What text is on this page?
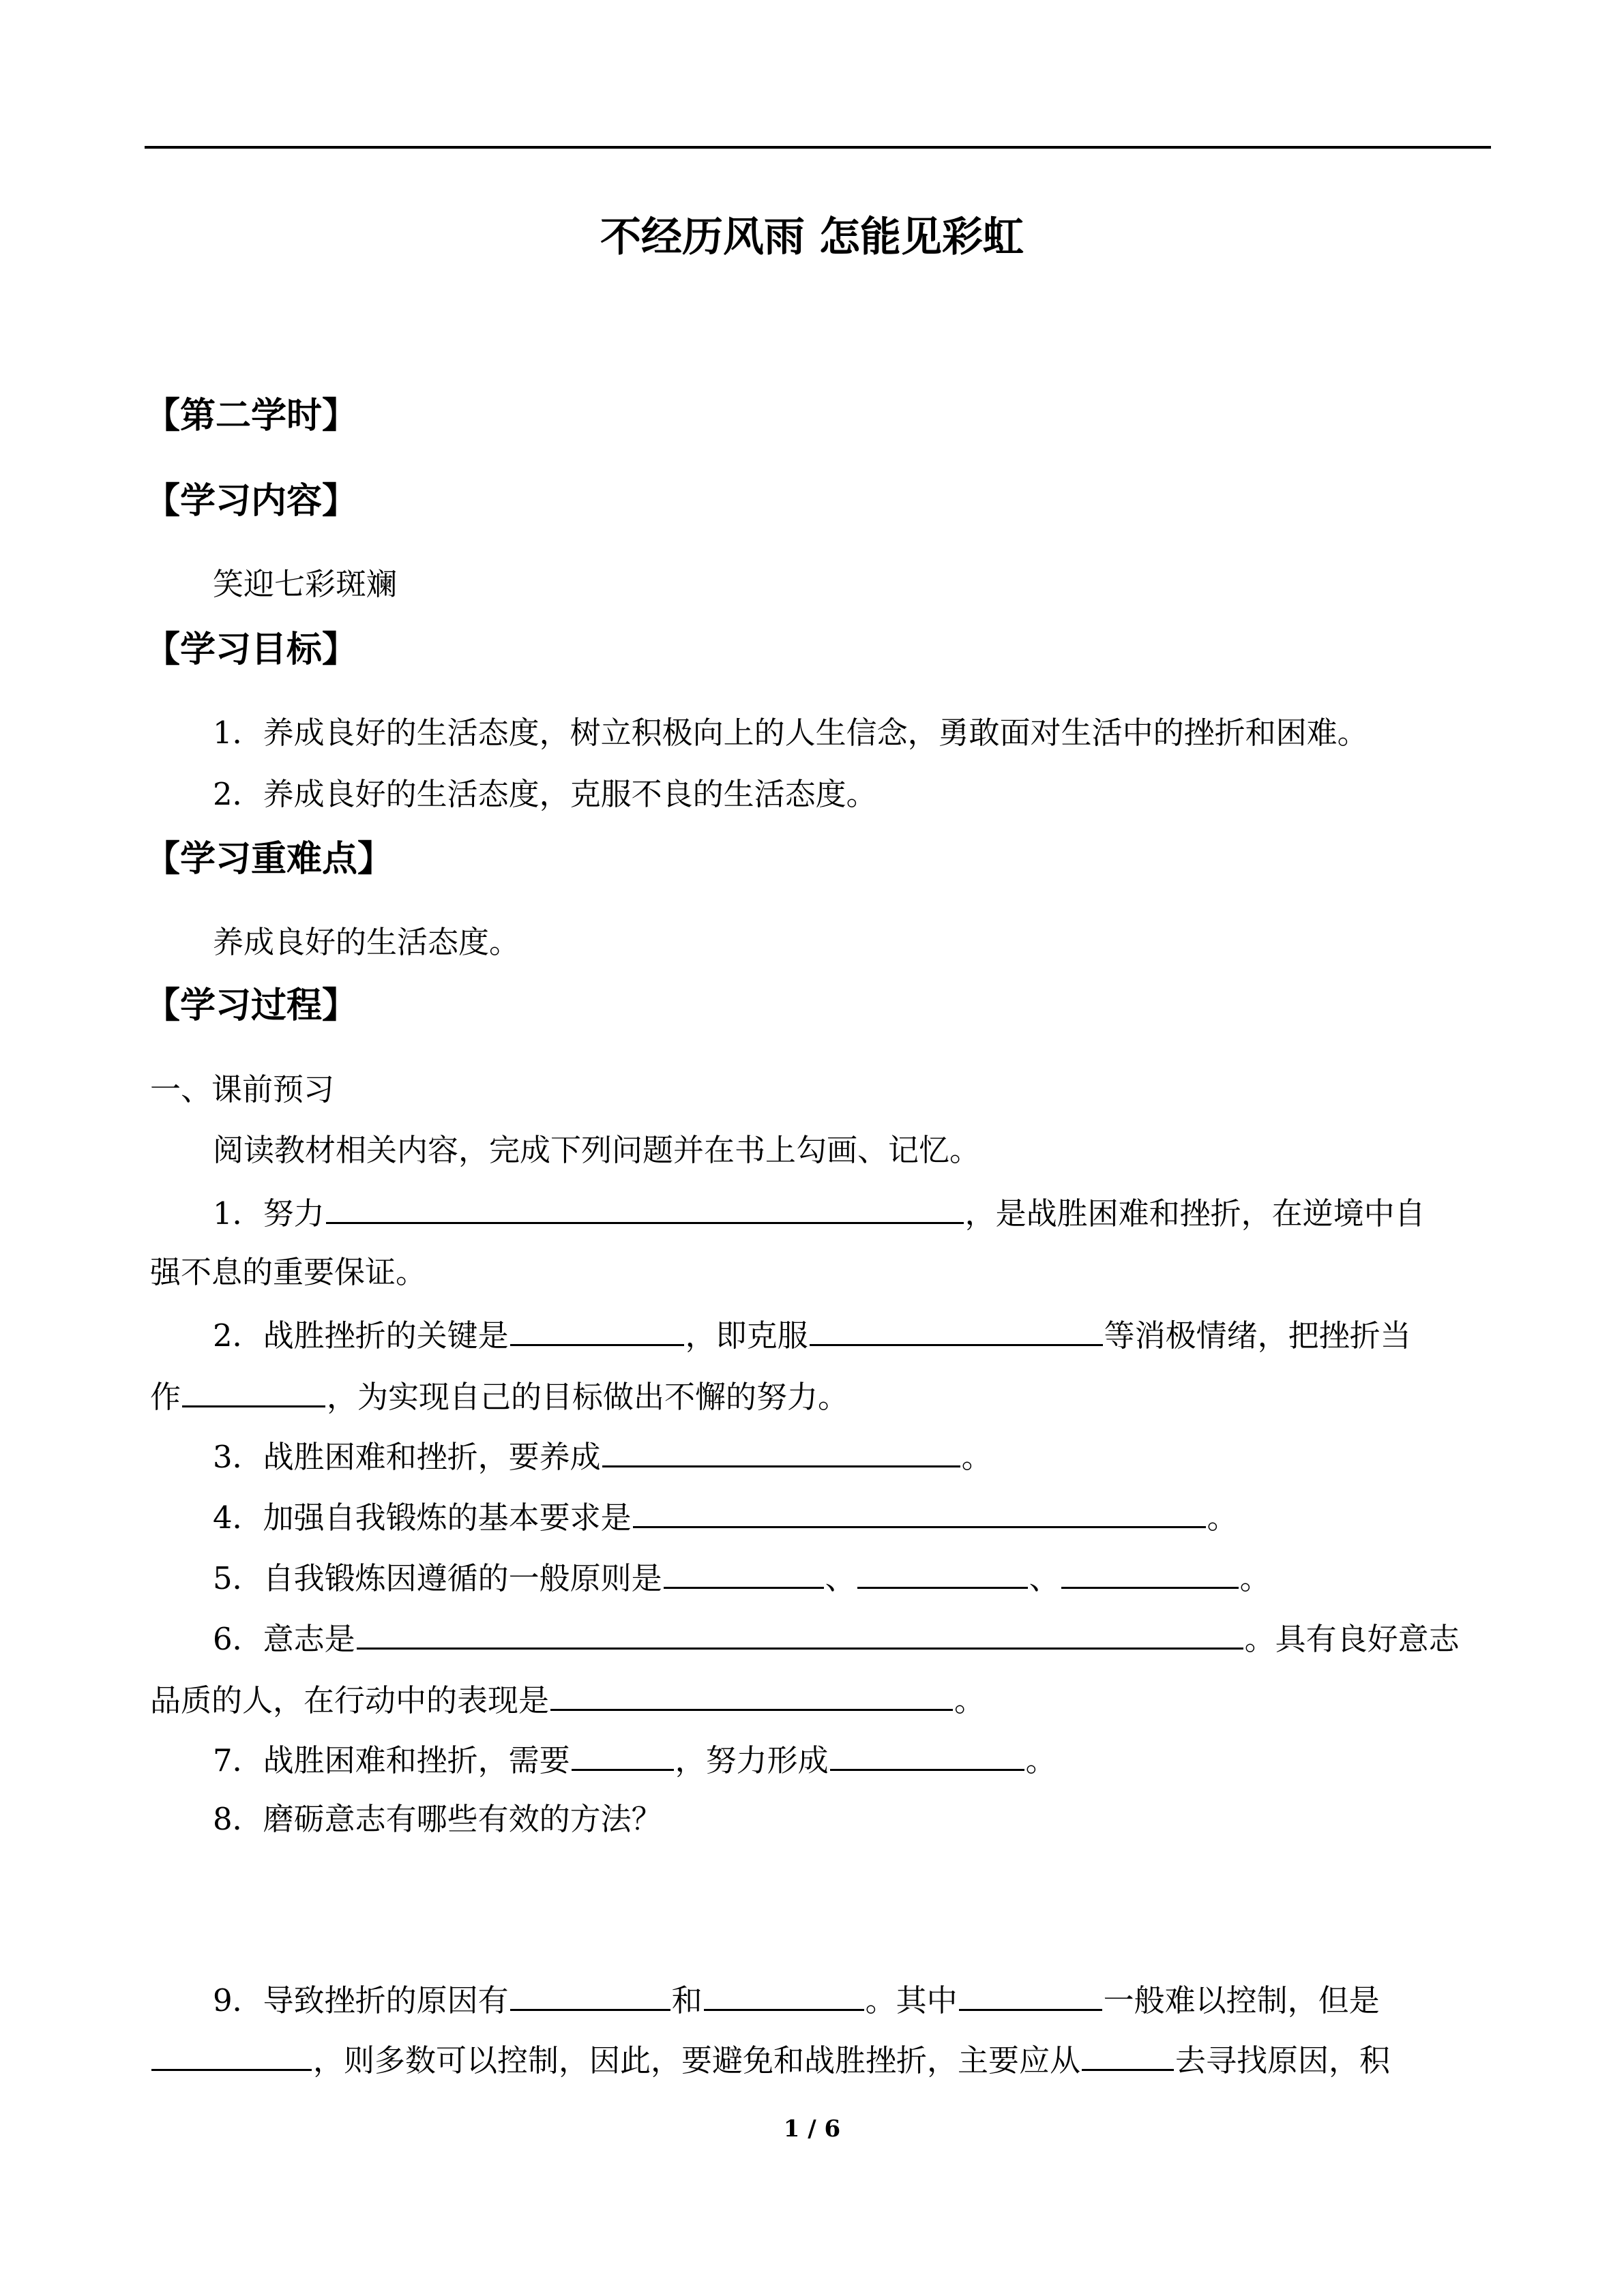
不经历风雨 怎能见彩虹
【第二学时】
【学习内容】
笑迎七彩斑斓
【学习目标】
1．养成良好的生活态度，树立积极向上的人生信念，勇敢面对生活中的挫折和困难。
2．养成良好的生活态度，克服不良的生活态度。
【学习重难点】
养成良好的生活态度。
【学习过程】
一、课前预习
阅读教材相关内容，完成下列问题并在书上勾画、记忆。
1．努力	，是战胜困难和挫折，在逆境中自
强不息的重要保证。
2．战胜挫折的关键是	，即克服	等消极情绪，把挫折当
作	，为实现自己的目标做出不懈的努力。
3．战胜困难和挫折，要养成	。
4．加强自我锻炼的基本要求是	。
5．自我锻炼因遵循的一般原则是	、	、	。
6．意志是	。具有良好意志
品质的人，在行动中的表现是	。
7．战胜困难和挫折，需要	，努力形成	。
8．磨砺意志有哪些有效的方法？
9．导致挫折的原因有	和	。其中	一般难以控制，但是
，则多数可以控制，因此，要避免和战胜挫折，主要应从	去寻找原因，积
1 / 6
